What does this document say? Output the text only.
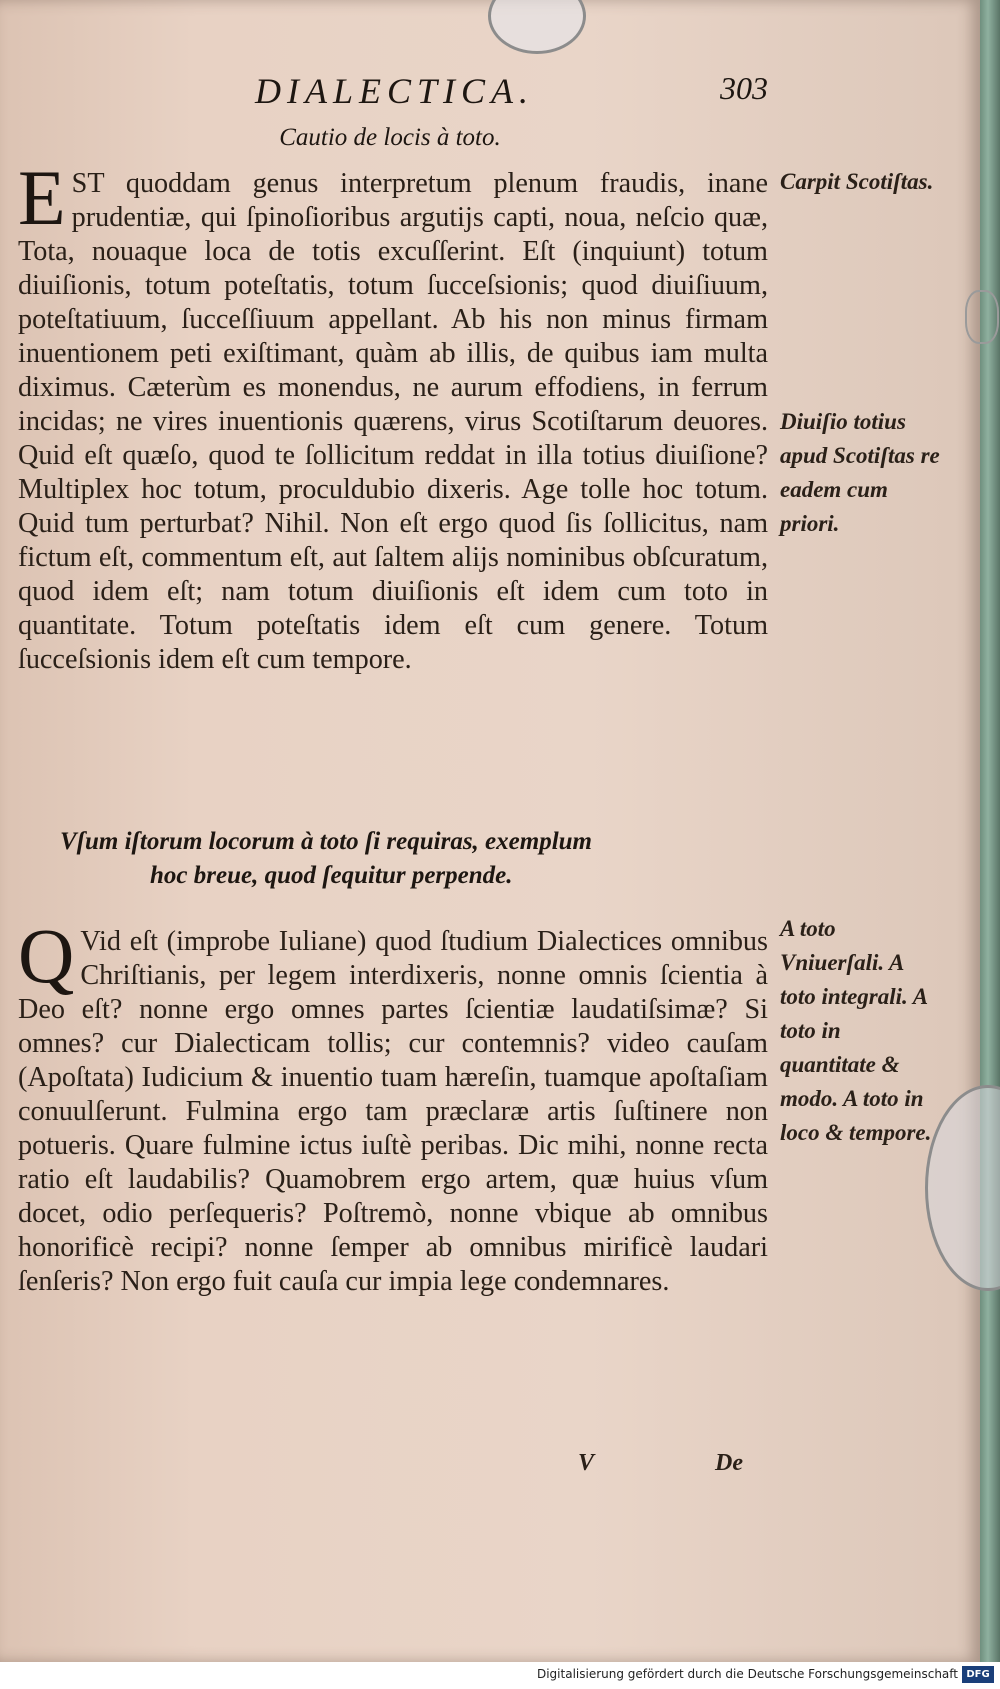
DIALECTICA.	303
Cautio de locis à toto.
EST quoddam genus interpretum plenum fraudis, inane prudentiæ, qui ſpinoſioribus argutijs capti, noua, neſcio quæ, Tota, nouaque loca de totis excuſſerint. Eſt (inquiunt) totum diuiſionis, totum poteſtatis, totum ſucceſsionis; quod diuiſiuum, poteſtatiuum, ſucceſſiuum appellant. Ab his non minus firmam inuentionem peti exiſtimant, quàm ab illis, de quibus iam multa diximus. Cæterùm es monendus, ne aurum effodiens, in ferrum incidas; ne vires inuentionis quærens, virus Scotiſtarum deuores. Quid eſt quæſo, quod te ſollicitum reddat in illa totius diuiſione? Multiplex hoc totum, proculdubio dixeris. Age tolle hoc totum. Quid tum perturbat? Nihil. Non eſt ergo quod ſis ſollicitus, nam fictum eſt, commentum eſt, aut ſaltem alijs nominibus obſcuratum, quod idem eſt; nam totum diuiſionis eſt idem cum toto in quantitate. Totum poteſtatis idem eſt cum genere. Totum ſucceſsionis idem eſt cum tempore.
Carpit Scotiſtas.
Diuiſio totius apud Scotiſtas re eadem cum priori.
Vſum iſtorum locorum à toto ſi requiras, exemplum
hoc breue, quod ſequitur perpende.
Q Vid eſt (improbe Iuliane) quod ſtudium Dialectices omnibus Chriſtianis, per legem interdixeris, nonne omnis ſcientia à Deo eſt? nonne ergo omnes partes ſcientiæ laudatiſsimæ? Si omnes? cur Dialecticam tollis; cur contemnis? video cauſam (Apoſtata) Iudicium & inuentio tuam hæreſin, tuamque apoſtaſiam conuulſerunt. Fulmina ergo tam præclaræ artis ſuſtinere non potueris. Quare fulmine ictus iuſtè peribas. Dic mihi, nonne recta ratio eſt laudabilis? Quamobrem ergo artem, quæ huius vſum docet, odio perſequeris? Poſtremò, nonne vbique ab omnibus honorificè recipi? nonne ſemper ab omnibus mirificè laudari ſenſeris? Non ergo fuit cauſa cur impia lege condemnares.
A toto Vniuerſali. A toto integrali. A toto in quantitate & modo. A toto in loco & tempore.
V	De
Digitalisierung gefördert durch die Deutsche Forschungsgemeinschaft DFG
